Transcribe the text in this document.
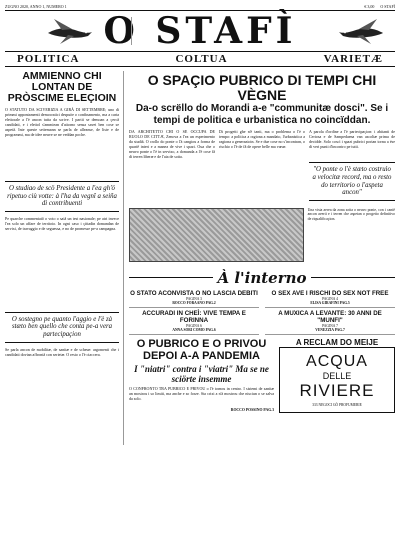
ZUGNO 2020, ANNO 1, NUMERO 1	€ 3,00 O STAFÌ
O STAFÌ
POLITICA	COLTUA	VARIETÆ
AMMIENNO CHI LONTAN DE PRÒSCIME ELEÇIOIN

O STATUTO DA SCIVERIZIA A GIRÀ DI SETTEMBRE; uno di primmi appontamenti democratici despuòe o confinamento, ma a carta elettorale a l'è ancon tutta da scrive. I partii se demoan a çercâ candidati, e i elettoî s'ammiean d'attorno sensa savei ben cose se aspetâ. Inte queste settemann se parla de alleanse, de liste e de programmi, ma de idee neuve se ne veddan poche.

O studiao de scö Presidente a l'ea gh'ö ripetuo ciù votte: à l'ha da vegnî a seiña di contribuenti

Pe quarche commentatô o voto o saiâ un test nasionale; pe atri invece l'ea solo un affare de territoio. In ogni caso i çittadin domandan de servixi, de travaggio e de seguessa, e no de promesse pe-a campagna.

O sostegno pe quanto l'aggio e l'è zà stæto ben quello che conta pe-a vera partecipaçion

Se parla ancon de mobilitæ, de sanitæ e de scheue: argomenti che i candidati dovian affrontâ con serietæ. O resto o l'è ciaccera.

O SPAÇIO PUBRICO DI TEMPI CHI VÈGNE
Da-o scrëllo do Morandi a-e "communitæ dosci". Se i tempi de politica e urbanistica no coincïddan.

DA ARCHITETTO CHI O SE OCCUPA DE RUOLO DE CITTÆ, Zenova a l'ea un esperimento da studiâ. O crollo do ponte o l'à cangiou a forma de quartê interi e a manea de vive i spazi. Oua che o neuvo ponte o l'è in servixo, a domanda a l'è cose fâ di terren liberæ e de l'aia de sotta.

Di progetti ghe n'è tanti, ma o problema o l'è o tempo: a politica a ragiona a mandato, l'urbanistica a ragiona a generazioin. Se e due cose no s'incontran, o rischio o l'è de fâ de opere belle ma vœue.

A parola d'ordine a l'è partecipaçion: i abitanti de Certosa e de Sampedaena van ascoltæ prima de decidde. Solo coscì i spazi pubrici porian torna a ëse di veri punti d'incontro pe tutti.

"O ponte o l'è stæto costruìo a velocitæ record, ma o resto do territorio o l'aspeta ancon"

Una vista aerea da zona sotta o neuvo ponte, con i cantê ancon averti e i terren che aspetan o progetto definitivo de riqualificaçion.

À l'interno
O STATO ACONVISTA O NO LASCIA DEBITI
PAGINA 3
ROCCO FORAANO PAG.2
O SEX AVE I RISCHI DO SEX NOT FREE
PAGINA 4
ELISA GIRAFINI PAG.5
ACCURADI IN CHEÌ: VIVE TEMPA E FORINNA
PAGINA 6
ANNA SORI COMO PAG.6
A MUXICA A LEVANTE: 30 ANNI DE "MUNFI"
PAGINA 7
VENEZZIA PAG.7
O PUBRICO E O PRIVOU DEPOI A-A PANDEMIA
I "niatri" contra i "viatri" Ma se ne sciörte insemme

O CONFRONTO TRA PUBRICO E PRIVOU o l'è tornou in centro. I sistemi de sanitæ an mostrou i so limiti, ma anche e so forze. Sta crixi a n'à mostrou che nisciun o se salva da solo.

ROCCO POSSINO PAG.3
A RECLAM DO MEIJE
ACQUA
DELLE
RIVIERE
333 NEGOCI GÒ PROFUMERIE
